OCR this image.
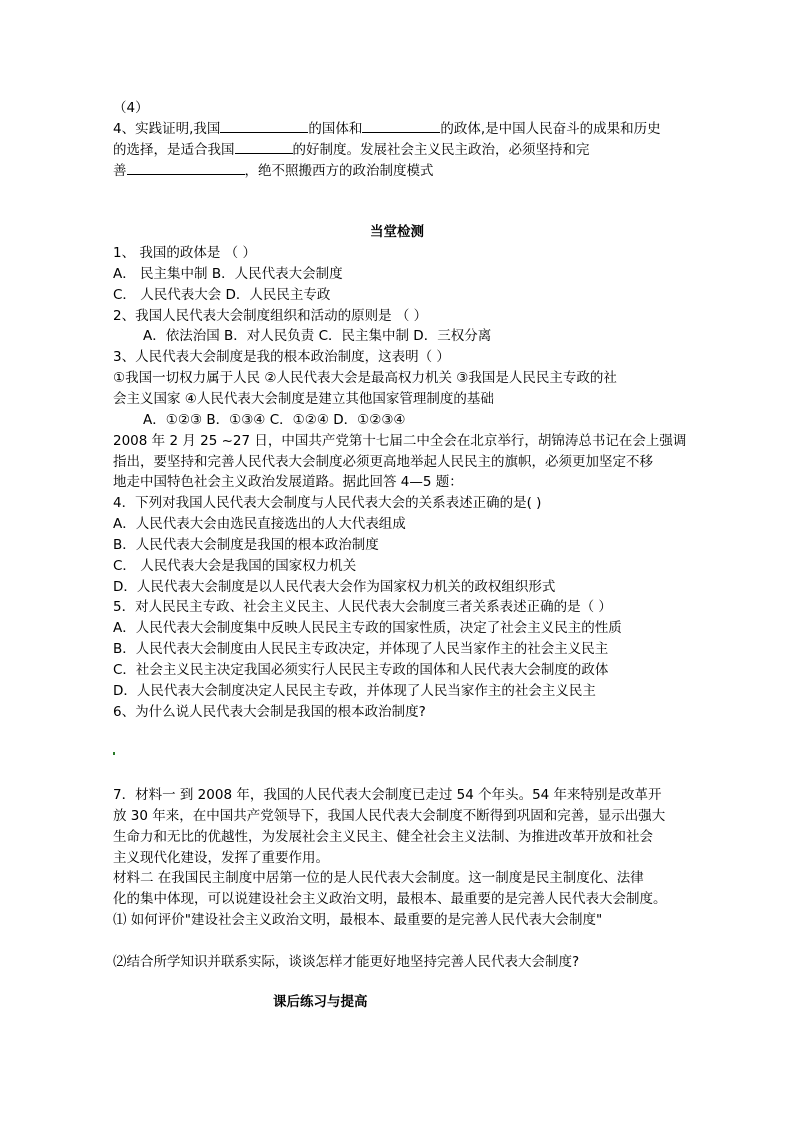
（4）
4、实践证明,我国	的国体和	的政体,是中国人民奋斗的成果和历史
的选择，是适合我国	的好制度。发展社会主义民主政治，必须坚持和完
善	，绝不照搬西方的政治制度模式
当堂检测
1、 我国的政体是 （ ）
A． 民主集中制 B．人民代表大会制度
C． 人民代表大会 D．人民民主专政
2、我国人民代表大会制度组织和活动的原则是 （ ）
A．依法治国 B．对人民负责 C．民主集中制 D．三权分离
3、人民代表大会制度是我的根本政治制度，这表明（ ）
①我国一切权力属于人民 ②人民代表大会是最高权力机关 ③我国是人民民主专政的社
会主义国家 ④人民代表大会制度是建立其他国家管理制度的基础
A．①②③ B．①③④ C．①②④ D．①②③④
2008 年 2 月 25 ~27 日，中国共产党第十七届二中全会在北京举行，胡锦涛总书记在会上强调
指出，要坚持和完善人民代表大会制度必须更高地举起人民民主的旗帜，必须更加坚定不移
地走中国特色社会主义政治发展道路。据此回答 4—5 题：
4．下列对我国人民代表大会制度与人民代表大会的关系表述正确的是( )
A．人民代表大会由选民直接选出的人大代表组成
B．人民代表大会制度是我国的根本政治制度
C． 人民代表大会是我国的国家权力机关
D．人民代表大会制度是以人民代表大会作为国家权力机关的政权组织形式
5．对人民民主专政、社会主义民主、人民代表大会制度三者关系表述正确的是（ ）
A．人民代表大会制度集中反映人民民主专政的国家性质，决定了社会主义民主的性质
B．人民代表大会制度由人民民主专政决定，并体现了人民当家作主的社会主义民主
C．社会主义民主决定我国必须实行人民民主专政的国体和人民代表大会制度的政体
D．人民代表大会制度决定人民民主专政，并体现了人民当家作主的社会主义民主
6、为什么说人民代表大会制是我国的根本政治制度?
7．材料一 到 2008 年，我国的人民代表大会制度已走过 54 个年头。54 年来特别是改革开
放 30 年来，在中国共产党领导下，我国人民代表大会制度不断得到巩固和完善，显示出强大
生命力和无比的优越性，为发展社会主义民主、健全社会主义法制、为推进改革开放和社会
主义现代化建设，发挥了重要作用。
材料二 在我国民主制度中居第一位的是人民代表大会制度。这一制度是民主制度化、法律
化的集中体现，可以说建设社会主义政治文明，最根本、最重要的是完善人民代表大会制度。
⑴ 如何评价"建设社会主义政治文明，最根本、最重要的是完善人民代表大会制度"
⑵结合所学知识并联系实际，谈谈怎样才能更好地坚持完善人民代表大会制度?
课后练习与提高
